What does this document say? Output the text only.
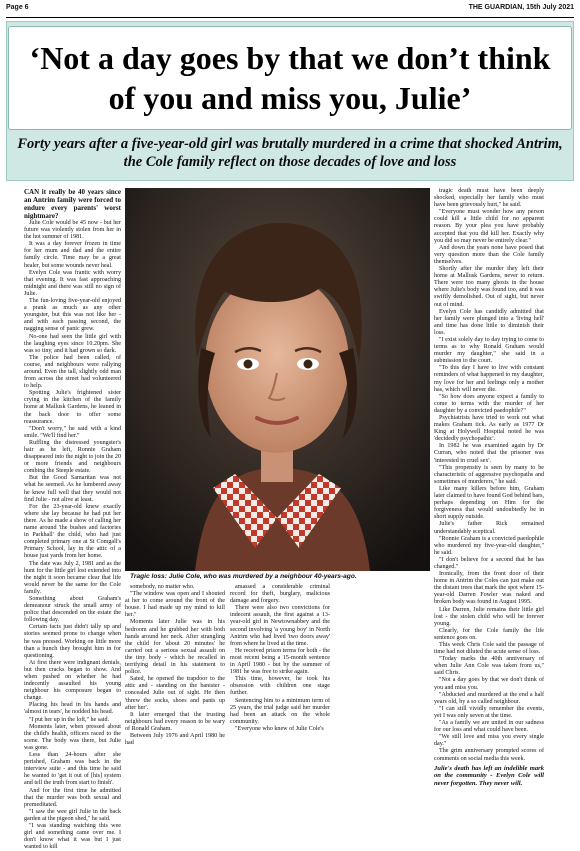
Page 6	THE GUARDIAN, 15th July 2021
‘Not a day goes by that we don’t think of you and miss you, Julie’
Forty years after a five-year-old girl was brutally murdered in a crime that shocked Antrim, the Cole family reflect on those decades of love and loss

CAN it really be 40 years since an Antrim family were forced to endure every parents' worst nightmare?

Julie Cole would be 45 now - but her future was violently stolen from her in the hot summer of 1981.

It was a day forever frozen in time for her mum and dad and the entire family circle. Time may be a great healer, but some wounds never heal.

Evelyn Cole was frantic with worry that evening. It was fast approaching midnight and there was still no sign of Julie.

The fun-loving five-year-old enjoyed a prank as much as any other youngster, but this was not like her - and with each passing second, the nagging sense of panic grew.

No-one had seen the little girl with the laughing eyes since 10.20pm. She was so tiny, and it had grown so dark.

The police had been called, of course, and neighbours were rallying around. Even the tall, slightly odd man from across the street had volunteered to help.

Spotting Julie's frightened sister crying in the kitchen of the family home at Mallusk Gardens, he leaned in the back door to offer some reassurance.

"Don't worry," he said with a kind smile. "We'll find her."

Ruffling the distressed youngster's hair as he left, Ronnie Graham disappeared into the night to join the 20 or more friends and neighbours combing the Steeple estate.

But the Good Samaritan was not what he seemed. As he lumbered away he knew full well that they would not find Julie - not alive at least.

For the 23-year-old knew exactly where she lay because he had put her there. As he made a show of calling her name around 'the bushes and factories in Parkhall' the child, who had just completed primary one at St Comgall's Primary School, lay in the attic of a house just yards from her home.

The date was July 2, 1981 and as the hunt for the little girl lost extended into the night it soon became clear that life would never be the same for the Cole family.

Something about Graham's demeanour struck the small army of police that descended on the estate the following day.

Certain facts just didn't tally up and stories seemed prone to change when he was pressed. Working on little more than a hunch they brought him in for questioning.

At first there were indignant denials, but then cracks began to show. And when pushed on whether he had indecently assaulted his young neighbour his composure began to change.

Placing his head in his hands and 'almost in tears', he nodded his head.

"I put her up in the loft," he said.

Moments later, when pressed about the child's health, officers raced to the scene. The body was there, but Julie was gone.

Less than 24-hours after she perished, Graham was back in the interview suite - and this time he said he wanted to 'get it out of [his] system and tell the truth from start to finish'.

And for the first time he admitted that the murder was both sexual and premeditated.

"I saw the wee girl Julie in the back garden at the pigeon shed," he said.

"I was standing watching this wee girl and something came over me. I don't know what it was but I just wanted to kill

Tragic loss: Julie Cole, who was murdered by a neighbour 40-years-ago.

somebody, no matter who.

"The window was open and I shouted at her to come around the front of the house. I had made up my mind to kill her."

Moments later Julie was in his bedroom and he grabbed her with both hands around her neck. After strangling the child for 'about 20 minutes' he carried out a serious sexual assault on the tiny body - which he recalled in terrifying detail in his statement to police.

Sated, he opened the trapdoor to the attic and - standing on the banister - concealed Julie out of sight. He then 'threw the socks, shoes and pants up after her'.

It later emerged that the trusting neighbours had every reason to be wary of Ronald Graham.

Between July 1976 and April 1980 he had

amassed a considerable criminal record for theft, burglary, malicious damage and forgery.

There were also two convictions for indecent assault, the first against a 13-year-old girl in Newtownabbey and the second involving 'a young boy' in North Antrim who had lived 'two doors away' from where he lived at the time.

He received prison terms for both - the most recent being a 15-month sentence in April 1980 - but by the summer of 1981 he was free to strike again.

This time, however, he took his obsession with children one stage further.

Sentencing him to a minimum term of 25 years, the trial judge said her murder had been an attack on the whole community.

"Everyone who knew of Julie Cole's

tragic death must have been deeply shocked, especially her family who must have been grievously hurt," he said.

"Everyone must wonder how any person could kill a little child for no apparent reason. By your plea you have probably accepted that you did kill her. Exactly why you did so may never be entirely clear."

And down the years none have posed that very question more than the Cole family themselves.

Shortly after the murder they left their home at Mallusk Gardens, never to return. There were too many ghosts in the house where Julie's body was found too, and it was swiftly demolished. Out of sight, but never out of mind.

Evelyn Cole has candidly admitted that her family were plunged into a 'living hell' and time has done little to diminish their loss.

"I exist solely day to day trying to come to terms as to why Ronald Graham would murder my daughter," she said in a submission to the court.

"To this day I have to live with constant reminders of what happened to my daughter, my love for her and feelings only a mother has, which will never die.

"So how does anyone expect a family to come to terms with the murder of her daughter by a convicted paedophile?"

Psychiatrists have tried to work out what makes Graham tick. As early as 1977 Dr King at Holywell Hospital noted he was 'decidedly psychopathic'.

In 1982 he was examined again by Dr Curran, who noted that the prisoner was 'interested in cruel sex'.

"This propensity is seen by many to be characteristic of aggressive psychopaths and sometimes of murderers," he said.

Like many killers before him, Graham later claimed to have found God behind bars, perhaps depending on Him for the forgiveness that would undoubtedly be in short supply outside.

Julie's father Rick remained understandably sceptical.

"Ronnie Graham is a convicted paedophile who murdered my five-year-old daughter," he said.

"I don't believe for a second that he has changed."

Ironically, from the front door of their home in Antrim the Coles can just make out the distant trees that mark the spot where 15-year-old Darren Fowler was naked and broken body was found in August 1995.

Like Darren, Julie remains their little girl lost - the stolen child who will be forever young.

Clearly, for the Cole family the life sentence goes on.

This week Chris Cole said the passage of time had not diluted the acute sense of loss.

"Today marks the 40th anniversary of when Julie Ann Cole was taken from us," said Chris.

"Not a day goes by that we don't think of you and miss you.

"Abducted and murdered at the end a half years old, by a so called neighbour.

"I can still vividly remember the events, yet I was only seven at the time.

"As a family we are united in our sadness for our loss and what could have been.

"We still love and miss you every single day."

The grim anniversary prompted scores of comments on social media this week.

Julie's death has left an indelible mark on the community - Evelyn Cole will never forgotten. They never will.
